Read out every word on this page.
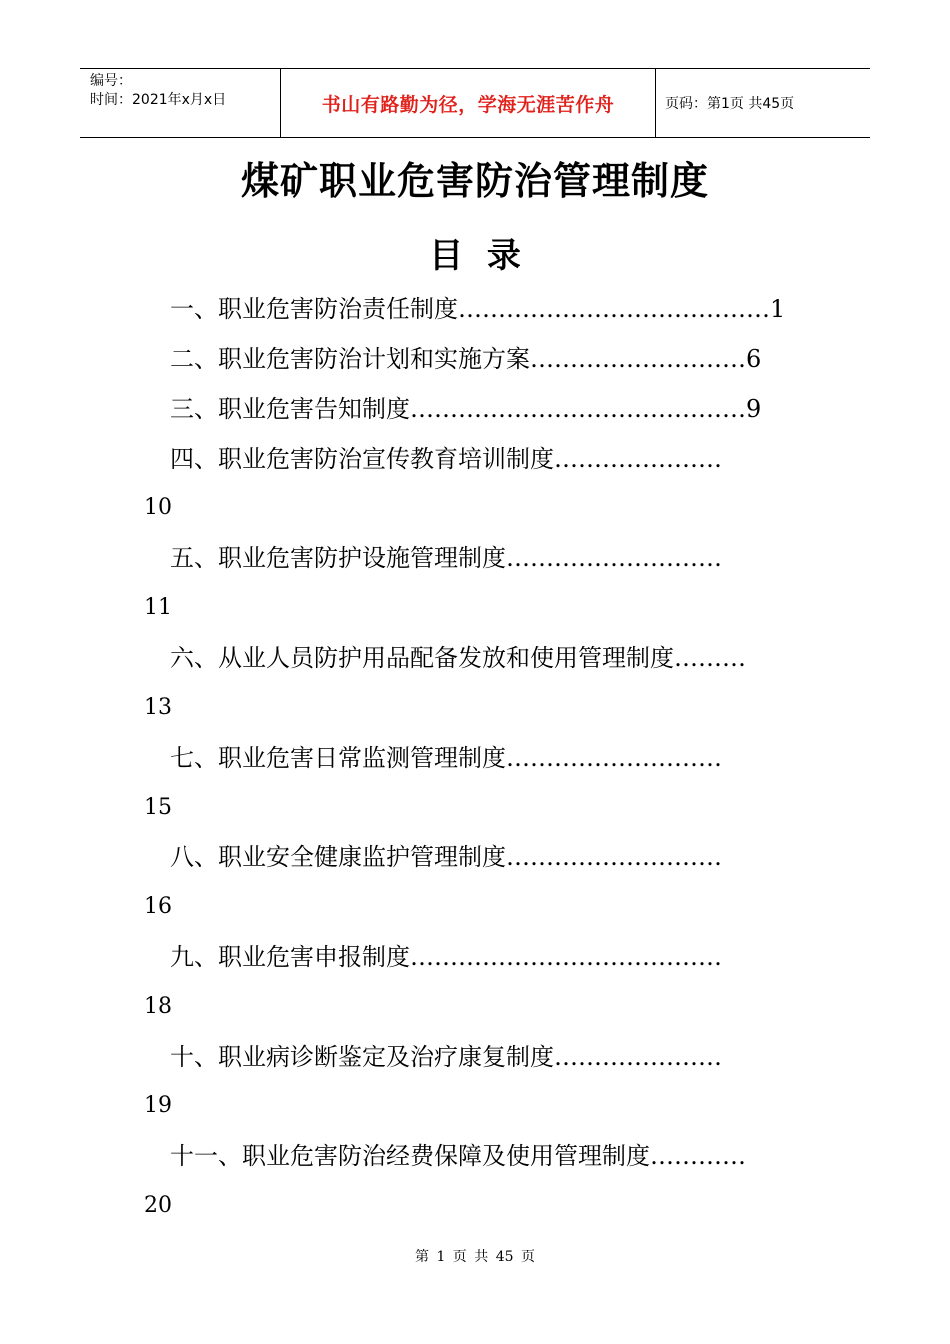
编号：
时间：2021年x月x日	书山有路勤为径，学海无涯苦作舟	页码：第1页 共45页
煤矿职业危害防治管理制度
目  录
一、职业危害防治责任制度…………………………………1
二、职业危害防治计划和实施方案………………………6
三、职业危害告知制度……………………………………9
四、职业危害防治宣传教育培训制度…………………
10
五、职业危害防护设施管理制度………………………
11
六、从业人员防护用品配备发放和使用管理制度………
13
七、职业危害日常监测管理制度………………………
15
八、职业安全健康监护管理制度………………………
16
九、职业危害申报制度…………………………………
18
十、职业病诊断鉴定及治疗康复制度…………………
19
十一、职业危害防治经费保障及使用管理制度…………
20
第 1 页 共 45 页
